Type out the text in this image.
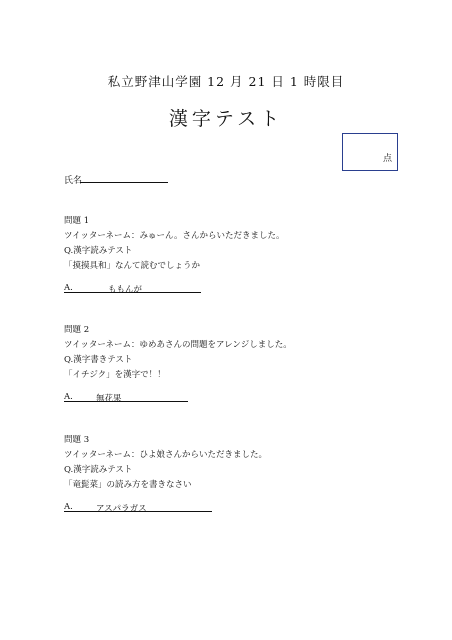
私立野津山学園 12 月 21 日 1 時限目
漢字テスト
点
氏名
問題 1
ツイッターネーム：みゅーん。さんからいただきました。
Q.漢字読みテスト
「摸摸具和」なんて読むでしょうか
A.	ももんが
問題 2
ツイッターネーム：ゆめあさんの問題をアレンジしました。
Q.漢字書きテスト
「イチジク」を漢字で！！
A.	無花果
問題 3
ツイッターネーム：ひよ娘さんからいただきました。
Q.漢字読みテスト
「竜髭菜」の読み方を書きなさい
A.	アスパラガス
